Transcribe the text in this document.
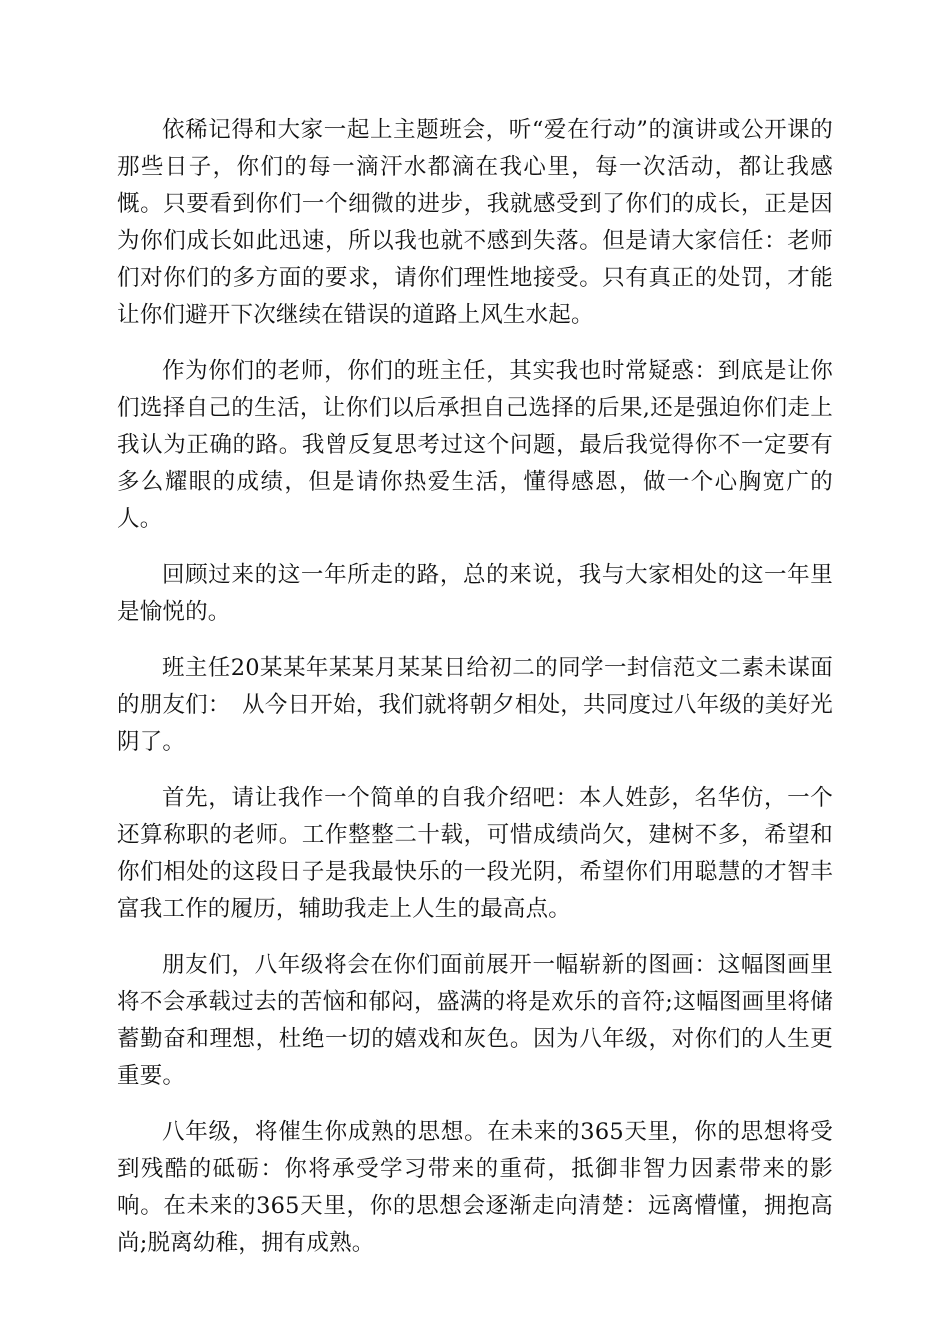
依稀记得和大家一起上主题班会，听“爱在行动”的演讲或公开课的那些日子，你们的每一滴汗水都滴在我心里，每一次活动，都让我感慨。只要看到你们一个细微的进步，我就感受到了你们的成长，正是因为你们成长如此迅速，所以我也就不感到失落。但是请大家信任：老师们对你们的多方面的要求，请你们理性地接受。只有真正的处罚，才能让你们避开下次继续在错误的道路上风生水起。

作为你们的老师，你们的班主任，其实我也时常疑惑：到底是让你们选择自己的生活，让你们以后承担自己选择的后果,还是强迫你们走上我认为正确的路。我曾反复思考过这个问题，最后我觉得你不一定要有多么耀眼的成绩，但是请你热爱生活，懂得感恩，做一个心胸宽广的人。

回顾过来的这一年所走的路，总的来说，我与大家相处的这一年里是愉悦的。

班主任20某某年某某月某某日给初二的同学一封信范文二素未谋面的朋友们：　从今日开始，我们就将朝夕相处，共同度过八年级的美好光阴了。

首先，请让我作一个简单的自我介绍吧：本人姓彭，名华仿，一个还算称职的老师。工作整整二十载，可惜成绩尚欠，建树不多，希望和你们相处的这段日子是我最快乐的一段光阴，希望你们用聪慧的才智丰富我工作的履历，辅助我走上人生的最高点。

朋友们，八年级将会在你们面前展开一幅崭新的图画：这幅图画里将不会承载过去的苦恼和郁闷，盛满的将是欢乐的音符;这幅图画里将储蓄勤奋和理想，杜绝一切的嬉戏和灰色。因为八年级，对你们的人生更重要。

八年级，将催生你成熟的思想。在未来的365天里，你的思想将受到残酷的砥砺：你将承受学习带来的重荷，抵御非智力因素带来的影响。在未来的365天里，你的思想会逐渐走向清楚：远离懵懂，拥抱高尚;脱离幼稚，拥有成熟。
